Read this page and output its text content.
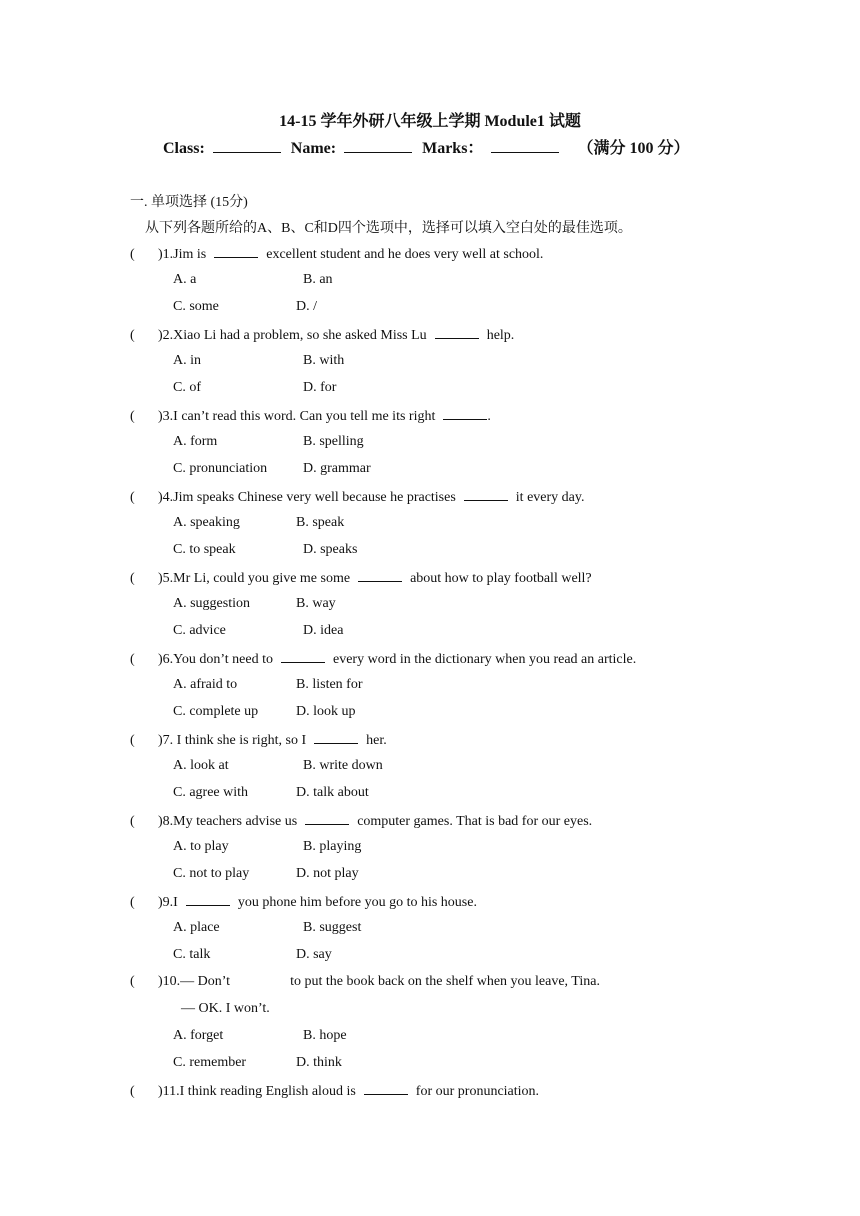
14-15 学年外研八年级上学期 Module1 试题
Class:	Name:	Marks：	（满分 100 分）
一. 单项选择 (15分)
从下列各题所给的A、B、C和D四个选项中，选择可以填入空白处的最佳选项。
( )1.Jim is	excellent student and he does very well at school.
A. a	B. an
C. some	D. /
( )2.Xiao Li had a problem, so she asked Miss Lu	help.
A. in	B. with
C. of	D. for
( )3.I can’t read this word. Can you tell me its right	.
A. form	B. spelling
C. pronunciation	D. grammar
( )4.Jim speaks Chinese very well because he practises	it every day.
A. speaking	B. speak
C. to speak	D. speaks
( )5.Mr Li, could you give me some	about how to play football well?
A. suggestion	B. way
C. advice	D. idea
( )6.You don’t need to	every word in the dictionary when you read an article.
A. afraid to	B. listen for
C. complete up	D. look up
( )7. I think she is right, so I	her.
A. look at	B. write down
C. agree with	D. talk about
( )8.My teachers advise us	computer games. That is bad for our eyes.
A. to play	B. playing
C. not to play	D. not play
( )9.I	you phone him before you go to his house.
A. place	B. suggest
C. talk	D. say
( )10.— Don’t	to put the book back on the shelf when you leave, Tina.
— OK. I won’t.
A. forget	B. hope
C. remember	D. think
( )11.I think reading English aloud is	for our pronunciation.
